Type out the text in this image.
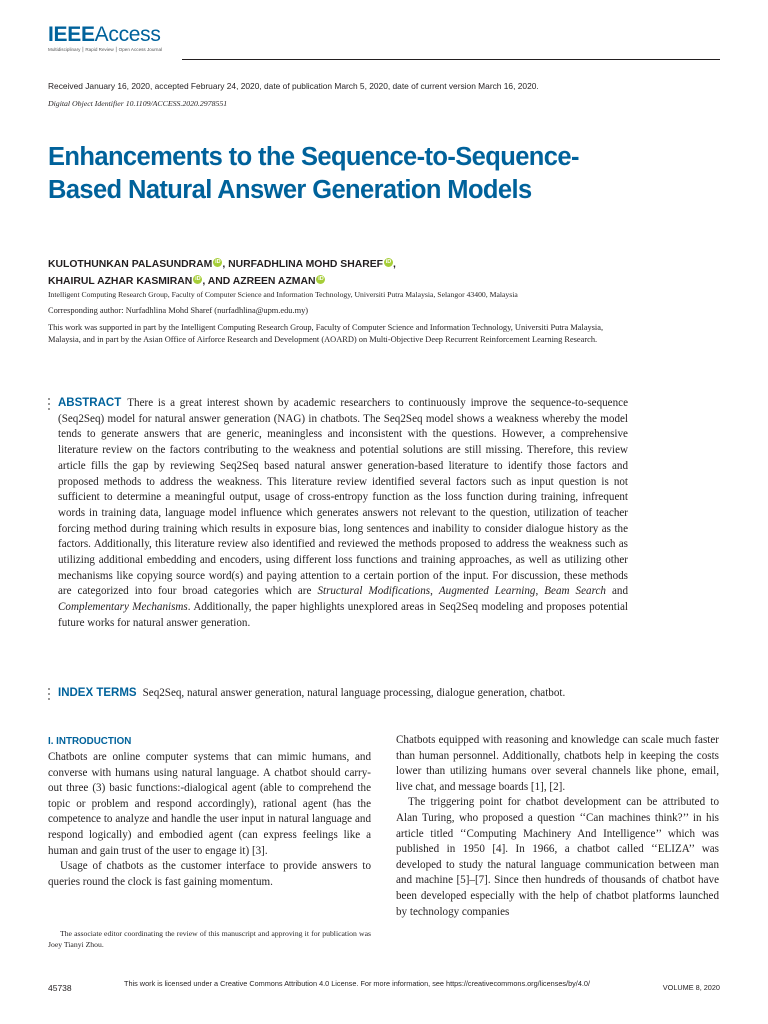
IEEEAccess
Multidisciplinary ⎮ Rapid Review ⎮ Open Access Journal
Received January 16, 2020, accepted February 24, 2020, date of publication March 5, 2020, date of current version March 16, 2020.
Digital Object Identifier 10.1109/ACCESS.2020.2978551
Enhancements to the Sequence-to-Sequence-Based Natural Answer Generation Models
KULOTHUNKAN PALASUNDRAM iD , NURFADHLINA MOHD SHAREF iD ,
KHAIRUL AZHAR KASMIRAN iD , AND AZREEN AZMAN iD
Intelligent Computing Research Group, Faculty of Computer Science and Information Technology, Universiti Putra Malaysia, Selangor 43400, Malaysia
Corresponding author: Nurfadhlina Mohd Sharef (nurfadhlina@upm.edu.my)
This work was supported in part by the Intelligent Computing Research Group, Faculty of Computer Science and Information Technology, Universiti Putra Malaysia, Malaysia, and in part by the Asian Office of Airforce Research and Development (AOARD) on Multi-Objective Deep Recurrent Reinforcement Learning Research.

ABSTRACT There is a great interest shown by academic researchers to continuously improve the sequence-to-sequence (Seq2Seq) model for natural answer generation (NAG) in chatbots. The Seq2Seq model shows a weakness whereby the model tends to generate answers that are generic, meaningless and inconsistent with the questions. However, a comprehensive literature review on the factors contributing to the weakness and potential solutions are still missing. Therefore, this review article fills the gap by reviewing Seq2Seq based natural answer generation-based literature to identify those factors and proposed methods to address the weakness. This literature review identified several factors such as input question is not sufficient to determine a meaningful output, usage of cross-entropy function as the loss function during training, infrequent words in training data, language model influence which generates answers not relevant to the question, utilization of teacher forcing method during training which results in exposure bias, long sentences and inability to consider dialogue history as the factors. Additionally, this literature review also identified and reviewed the methods proposed to address the weakness such as utilizing additional embedding and encoders, using different loss functions and training approaches, as well as utilizing other mechanisms like copying source word(s) and paying attention to a certain portion of the input. For discussion, these methods are categorized into four broad categories which are Structural Modifications, Augmented Learning, Beam Search and Complementary Mechanisms. Additionally, the paper highlights unexplored areas in Seq2Seq modeling and proposes potential future works for natural answer generation.

INDEX TERMS Seq2Seq, natural answer generation, natural language processing, dialogue generation, chatbot.

I. INTRODUCTION

Chatbots are online computer systems that can mimic humans, and converse with humans using natural language. A chatbot should carry-out three (3) basic functions:-dialogical agent (able to comprehend the topic or problem and respond accordingly), rational agent (has the competence to analyze and handle the user input in natural language and respond logically) and embodied agent (can express feelings like a human and gain trust of the user to engage it) [3].

Usage of chatbots as the customer interface to provide answers to queries round the clock is fast gaining momentum.

Chatbots equipped with reasoning and knowledge can scale much faster than human personnel. Additionally, chatbots help in keeping the costs lower than utilizing humans over several channels like phone, email, live chat, and message boards [1], [2].

The triggering point for chatbot development can be attributed to Alan Turing, who proposed a question ‘‘Can machines think?’’ in his article titled ‘‘Computing Machinery And Intelligence’’ which was published in 1950 [4]. In 1966, a chatbot called ‘‘ELIZA’’ was developed to study the natural language communication between man and machine [5]–[7]. Since then hundreds of thousands of chatbot have been developed especially with the help of chatbot platforms launched by technology companies

The associate editor coordinating the review of this manuscript and approving it for publication was Joey Tianyi Zhou.

45738	This work is licensed under a Creative Commons Attribution 4.0 License. For more information, see https://creativecommons.org/licenses/by/4.0/	VOLUME 8, 2020
